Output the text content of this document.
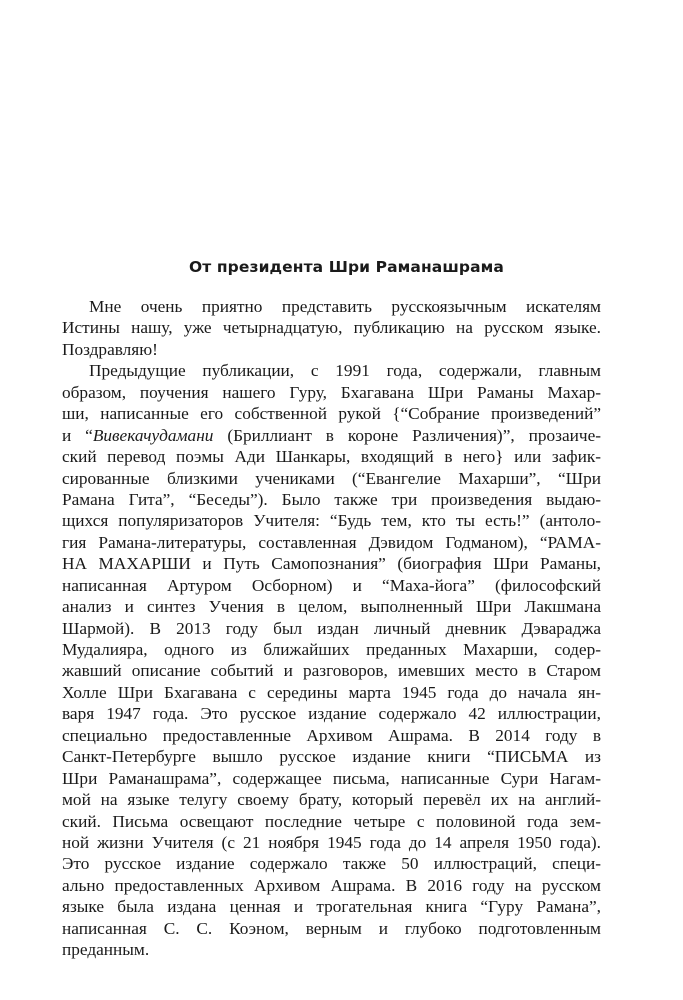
От президента Шри Раманашрама
Мне очень приятно представить русскоязычным искателям
Истины нашу, уже четырнадцатую, публикацию на русском языке.
Поздравляю!
Предыдущие публикации, с 1991 года, содержали, главным
образом, поучения нашего Гуру, Бхагавана Шри Раманы Махар-
ши, написанные его собственной рукой {“Собрание произведений”
и “Вивекачудамани (Бриллиант в короне Различения)”, прозаиче-
ский перевод поэмы Ади Шанкары, входящий в него} или зафик-
сированные близкими учениками (“Евангелие Махарши”, “Шри
Рамана Гита”, “Беседы”). Было также три произведения выдаю-
щихся популяризаторов Учителя: “Будь тем, кто ты есть!” (антоло-
гия Рамана-литературы, составленная Дэвидом Годманом), “РАМА-
НА МАХАРШИ и Путь Самопознания” (биография Шри Раманы,
написанная Артуром Осборном) и “Маха-йога” (философский
анализ и синтез Учения в целом, выполненный Шри Лакшмана
Шармой). В 2013 году был издан личный дневник Дэвараджа
Мудалияра, одного из ближайших преданных Махарши, содер-
жавший описание событий и разговоров, имевших место в Старом
Холле Шри Бхагавана с середины марта 1945 года до начала ян-
варя 1947 года. Это русское издание содержало 42 иллюстрации,
специально предоставленные Архивом Ашрама. В 2014 году в
Санкт-Петербурге вышло русское издание книги “ПИСЬМА из
Шри Раманашрама”, содержащее письма, написанные Сури Нагам-
мой на языке телугу своему брату, который перевёл их на англий-
ский. Письма освещают последние четыре с половиной года зем-
ной жизни Учителя (с 21 ноября 1945 года до 14 апреля 1950 года).
Это русское издание содержало также 50 иллюстраций, специ-
ально предоставленных Архивом Ашрама. В 2016 году на русском
языке была издана ценная и трогательная книга “Гуру Рамана”,
написанная С. С. Коэном, верным и глубоко подготовленным
преданным.
